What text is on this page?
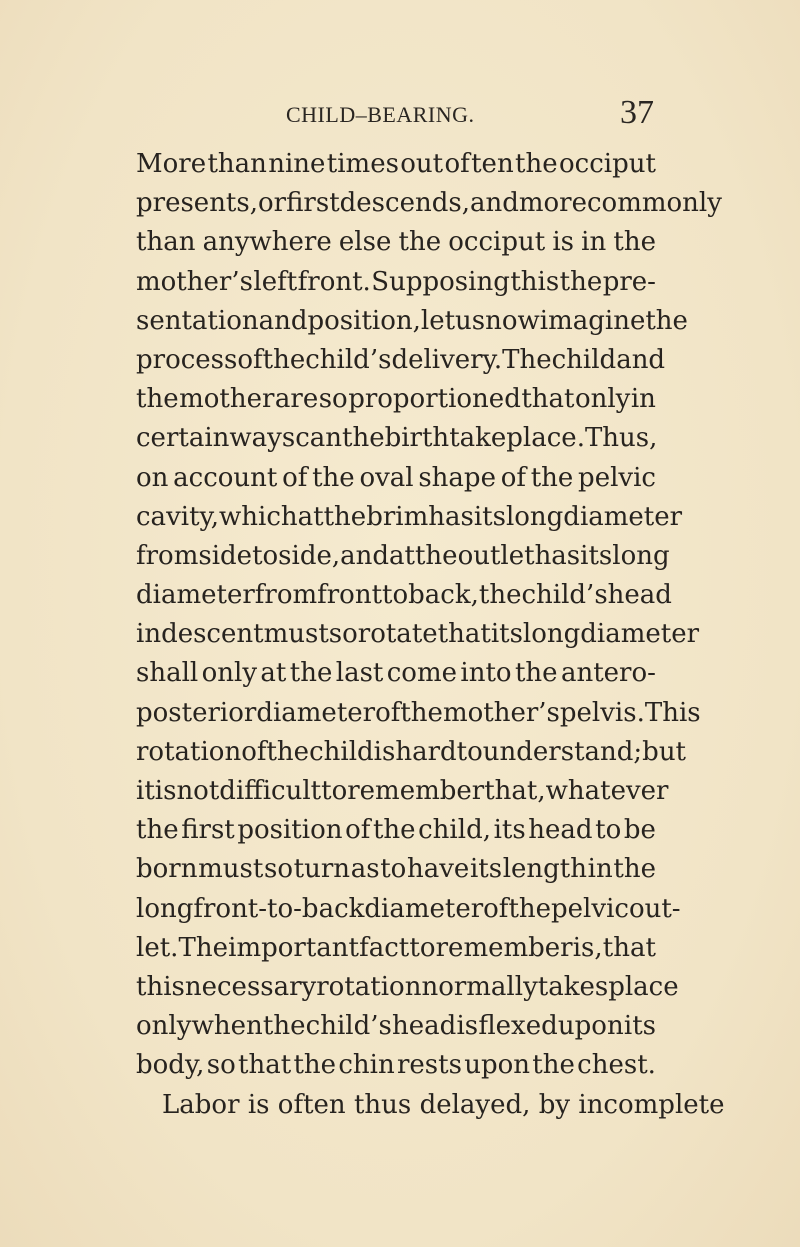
CHILD–BEARING.	37
More than nine times out of ten the occiput
presents, or first descends, and more commonly
than anywhere else the occiput is in the
mother’s left front. Supposing this the pre-
sentation and position, let us now imagine the
process of the child’s delivery. The child and
the mother are so proportioned that only in
certain ways can the birth take place. Thus,
on account of the oval shape of the pelvic
cavity, which at the brim has its long diameter
from side to side, and at the outlet has its long
diameter from front to back, the child’s head
in descent must so rotate that its long diameter
shall only at the last come into the antero-
posterior diameter of the mother’s pelvis. This
rotation of the child is hard to understand; but
it is not difficult to remember that, whatever
the first position of the child, its head to be
born must so turn as to have its length in the
long front-to-back diameter of the pelvic out-
let. The important fact to remember is, that
this necessary rotation normally takes place
only when the child’s head is flexed upon its
body, so that the chin rests upon the chest.
Labor is often thus delayed, by incomplete
